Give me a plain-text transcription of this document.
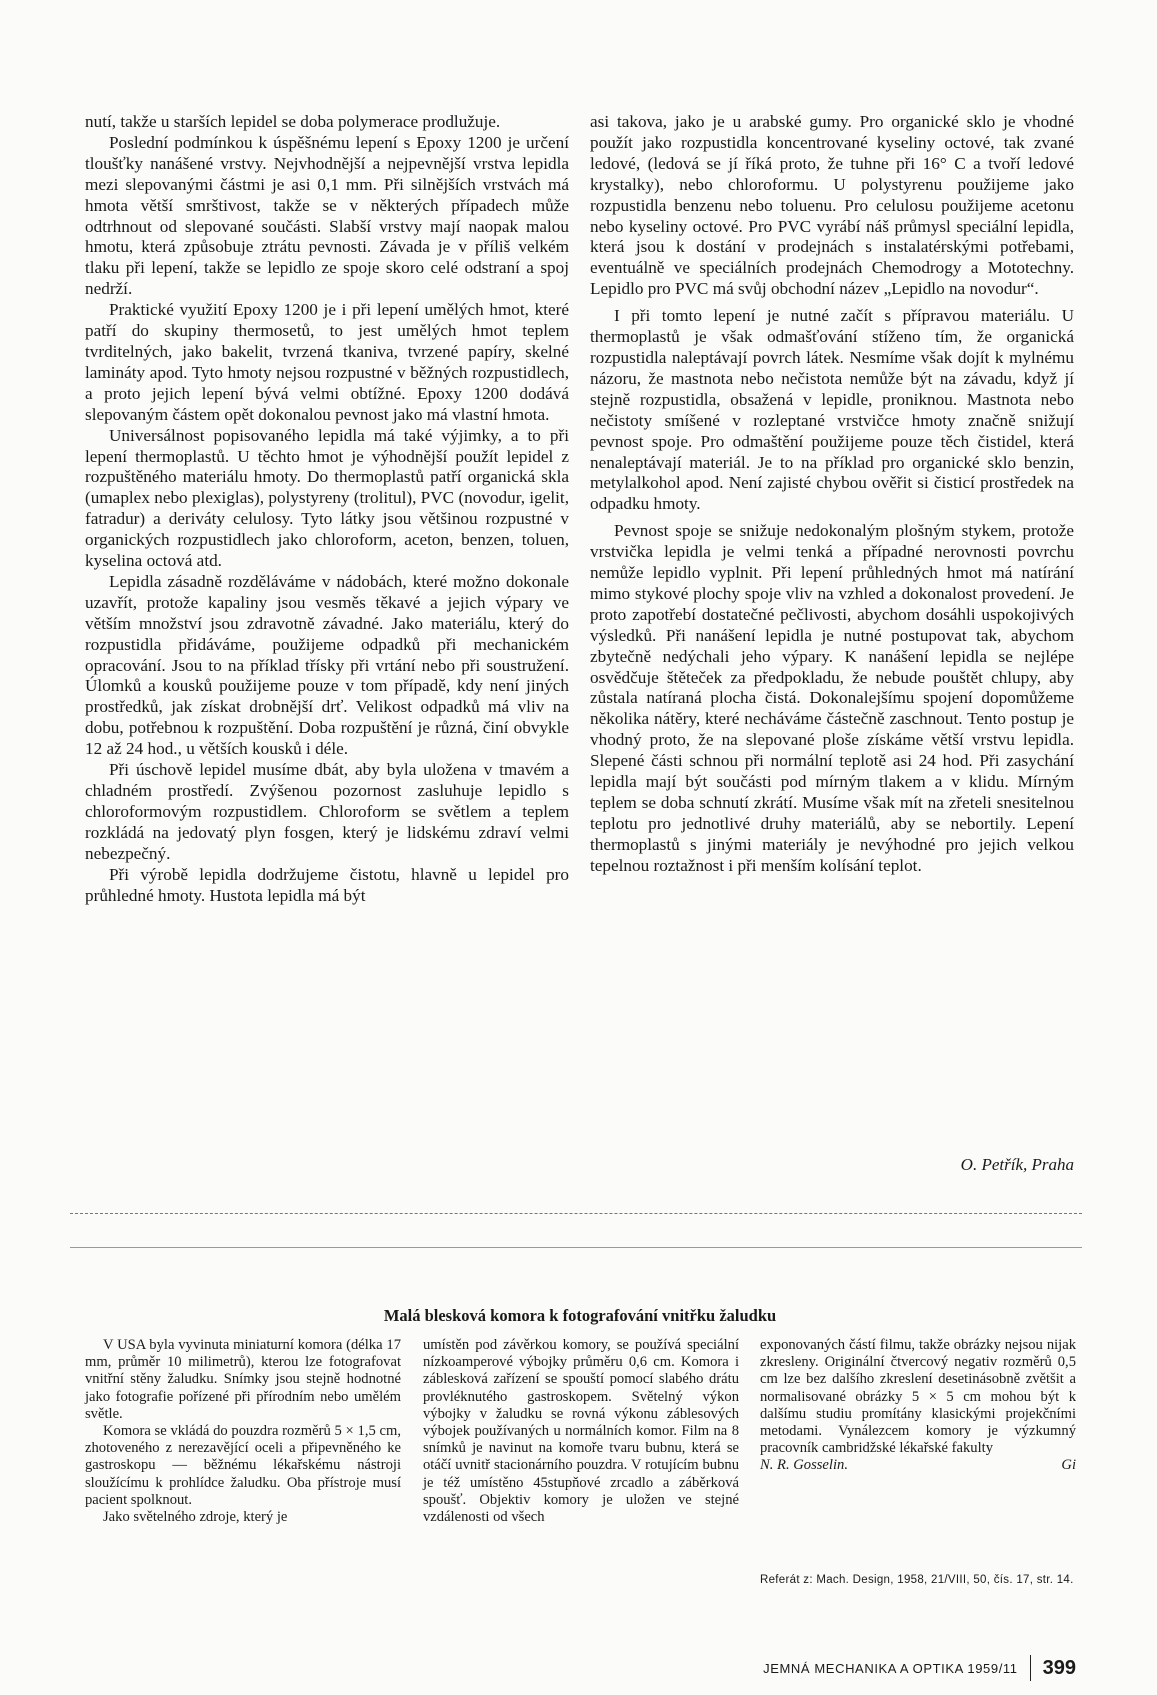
nutí, takže u starších lepidel se doba polymerace prodlužuje.

Poslední podmínkou k úspěšnému lepení s Epoxy 1200 je určení tloušťky nanášené vrstvy. Nejvhodnější a nejpevnější vrstva lepidla mezi slepovanými částmi je asi 0,1 mm. Při silnějších vrstvách má hmota větší smrštivost, takže se v některých případech může odtrhnout od slepované součásti. Slabší vrstvy mají naopak malou hmotu, která způsobuje ztrátu pevnosti. Závada je v příliš velkém tlaku při lepení, takže se lepidlo ze spoje skoro celé odstraní a spoj nedrží.

Praktické využití Epoxy 1200 je i při lepení umělých hmot, které patří do skupiny thermosetů, to jest umělých hmot teplem tvrditelných, jako bakelit, tvrzená tkaniva, tvrzené papíry, skelné lamináty apod. Tyto hmoty nejsou rozpustné v běžných rozpustidlech, a proto jejich lepení bývá velmi obtížné. Epoxy 1200 dodává slepovaným částem opět dokonalou pevnost jako má vlastní hmota.

Universálnost popisovaného lepidla má také výjimky, a to při lepení thermoplastů. U těchto hmot je výhodnější použít lepidel z rozpuštěného materiálu hmoty. Do thermoplastů patří organická skla (umaplex nebo plexiglas), polystyreny (trolitul), PVC (novodur, igelit, fatradur) a deriváty celulosy. Tyto látky jsou většinou rozpustné v organických rozpustidlech jako chloroform, aceton, benzen, toluen, kyselina octová atd.

Lepidla zásadně rozděláváme v nádobách, které možno dokonale uzavřít, protože kapaliny jsou vesměs těkavé a jejich výpary ve větším množství jsou zdravotně závadné. Jako materiálu, který do rozpustidla přidáváme, použijeme odpadků při mechanickém opracování. Jsou to na příklad třísky při vrtání nebo při soustružení. Úlomků a kousků použijeme pouze v tom případě, kdy není jiných prostředků, jak získat drobnější drť. Velikost odpadků má vliv na dobu, potřebnou k rozpuštění. Doba rozpuštění je různá, činí obvykle 12 až 24 hod., u větších kousků i déle.

Při úschově lepidel musíme dbát, aby byla uložena v tmavém a chladném prostředí. Zvýšenou pozornost zasluhuje lepidlo s chloroformovým rozpustidlem. Chloroform se světlem a teplem rozkládá na jedovatý plyn fosgen, který je lidskému zdraví velmi nebezpečný.

Při výrobě lepidla dodržujeme čistotu, hlavně u lepidel pro průhledné hmoty. Hustota lepidla má být

asi takova, jako je u arabské gumy. Pro organické sklo je vhodné použít jako rozpustidla koncentrované kyseliny octové, tak zvané ledové, (ledová se jí říká proto, že tuhne při 16° C a tvoří ledové krystalky), nebo chloroformu. U polystyrenu použijeme jako rozpustidla benzenu nebo toluenu. Pro celulosu použijeme acetonu nebo kyseliny octové. Pro PVC vyrábí náš průmysl speciální lepidla, která jsou k dostání v prodejnách s instalatérskými potřebami, eventuálně ve speciálních prodejnách Chemodrogy a Mototechny. Lepidlo pro PVC má svůj obchodní název „Lepidlo na novodur“.

I při tomto lepení je nutné začít s přípravou materiálu. U thermoplastů je však odmašťování stíženo tím, že organická rozpustidla naleptávají povrch látek. Nesmíme však dojít k mylnému názoru, že mastnota nebo nečistota nemůže být na závadu, když jí stejně rozpustidla, obsažená v lepidle, proniknou. Mastnota nebo nečistoty smíšené v rozleptané vrstvičce hmoty značně snižují pevnost spoje. Pro odmaštění použijeme pouze těch čistidel, která nenaleptávají materiál. Je to na příklad pro organické sklo benzin, metylalkohol apod. Není zajisté chybou ověřit si čisticí prostředek na odpadku hmoty.

Pevnost spoje se snižuje nedokonalým plošným stykem, protože vrstvička lepidla je velmi tenká a případné nerovnosti povrchu nemůže lepidlo vyplnit. Při lepení průhledných hmot má natírání mimo stykové plochy spoje vliv na vzhled a dokonalost provedení. Je proto zapotřebí dostatečné pečlivosti, abychom dosáhli uspokojivých výsledků. Při nanášení lepidla je nutné postupovat tak, abychom zbytečně nedýchali jeho výpary. K nanášení lepidla se nejlépe osvědčuje štěteček za předpokladu, že nebude pouštět chlupy, aby zůstala natíraná plocha čistá. Dokonalejšímu spojení dopomůžeme několika nátěry, které necháváme částečně zaschnout. Tento postup je vhodný proto, že na slepované ploše získáme větší vrstvu lepidla. Slepené části schnou při normální teplotě asi 24 hod. Při zasychání lepidla mají být součásti pod mírným tlakem a v klidu. Mírným teplem se doba schnutí zkrátí. Musíme však mít na zřeteli snesitelnou teplotu pro jednotlivé druhy materiálů, aby se nebortily. Lepení thermoplastů s jinými materiály je nevýhodné pro jejich velkou tepelnou roztažnost i při menším kolísání teplot.

O. Petřík, Praha
Malá blesková komora k fotografování vnitřku žaludku

V USA byla vyvinuta miniaturní komora (délka 17 mm, průměr 10 milimetrů), kterou lze fotografovat vnitřní stěny žaludku. Snímky jsou stejně hodnotné jako fotografie pořízené při přírodním nebo umělém světle.

Komora se vkládá do pouzdra rozměrů 5 × 1,5 cm, zhotoveného z nerezavějící oceli a připevněného ke gastroskopu — běžnému lékařskému nástroji sloužícímu k prohlídce žaludku. Oba přístroje musí pacient spolknout.

Jako světelného zdroje, který je

umístěn pod závěrkou komory, se používá speciální nízkoamperové výbojky průměru 0,6 cm. Komora i záblesková zařízení se spouští pomocí slabého drátu provléknutého gastroskopem. Světelný výkon výbojky v žaludku se rovná výkonu záblesových výbojek používaných u normálních komor. Film na 8 snímků je navinut na komoře tvaru bubnu, která se otáčí uvnitř stacionárního pouzdra. V rotujícím bubnu je též umístěno 45stupňové zrcadlo a záběrková spoušť. Objektiv komory je uložen ve stejné vzdálenosti od všech

exponovaných částí filmu, takže obrázky nejsou nijak zkresleny. Originální čtvercový negativ rozměrů 0,5 cm lze bez dalšího zkreslení desetinásobně zvětšit a normalisované obrázky 5 × 5 cm mohou být k dalšímu studiu promítány klasickými projekčními metodami. Vynálezcem komory je výzkumný pracovník cambridžské lékařské fakulty

N. R. Gosselin.	Gi
Referát z: Mach. Design, 1958, 21/VIII, 50, čís. 17, str. 14.
JEMNÁ MECHANIKA A OPTIKA 1959/11 399
